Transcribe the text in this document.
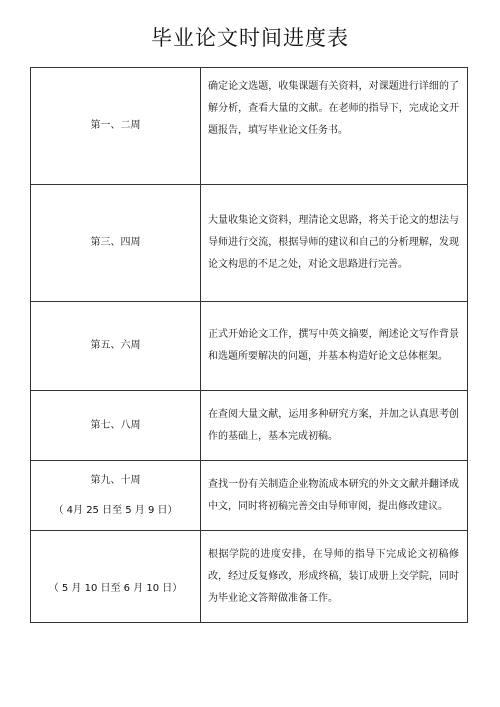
毕业论文时间进度表
第一、二周	确定论文选题，收集课题有关资料，对课题进行详细的了解分析，查看大量的文献。在老师的指导下，完成论文开题报告，填写毕业论文任务书。

第三、四周	大量收集论文资料，理清论文思路，将关于论文的想法与导师进行交流，根据导师的建议和自己的分析理解，发现论文构思的不足之处，对论文思路进行完善。

第五、六周	正式开始论文工作，撰写中英文摘要，阐述论文写作背景和选题所要解决的问题，并基本构造好论文总体框架。

第七、八周	在查阅大量文献，运用多种研究方案，并加之认真思考创作的基础上，基本完成初稿。

第九、十周
（ 4月 25 日至 5 月 9 日）	查找一份有关制造企业物流成本研究的外文文献并翻译成中文，同时将初稿完善交由导师审阅，提出修改建议。

（ 5 月 10 日至 6 月 10 日）	根据学院的进度安排，在导师的指导下完成论文初稿修改，经过反复修改，形成终稿，装订成册上交学院，同时为毕业论文答辩做准备工作。
